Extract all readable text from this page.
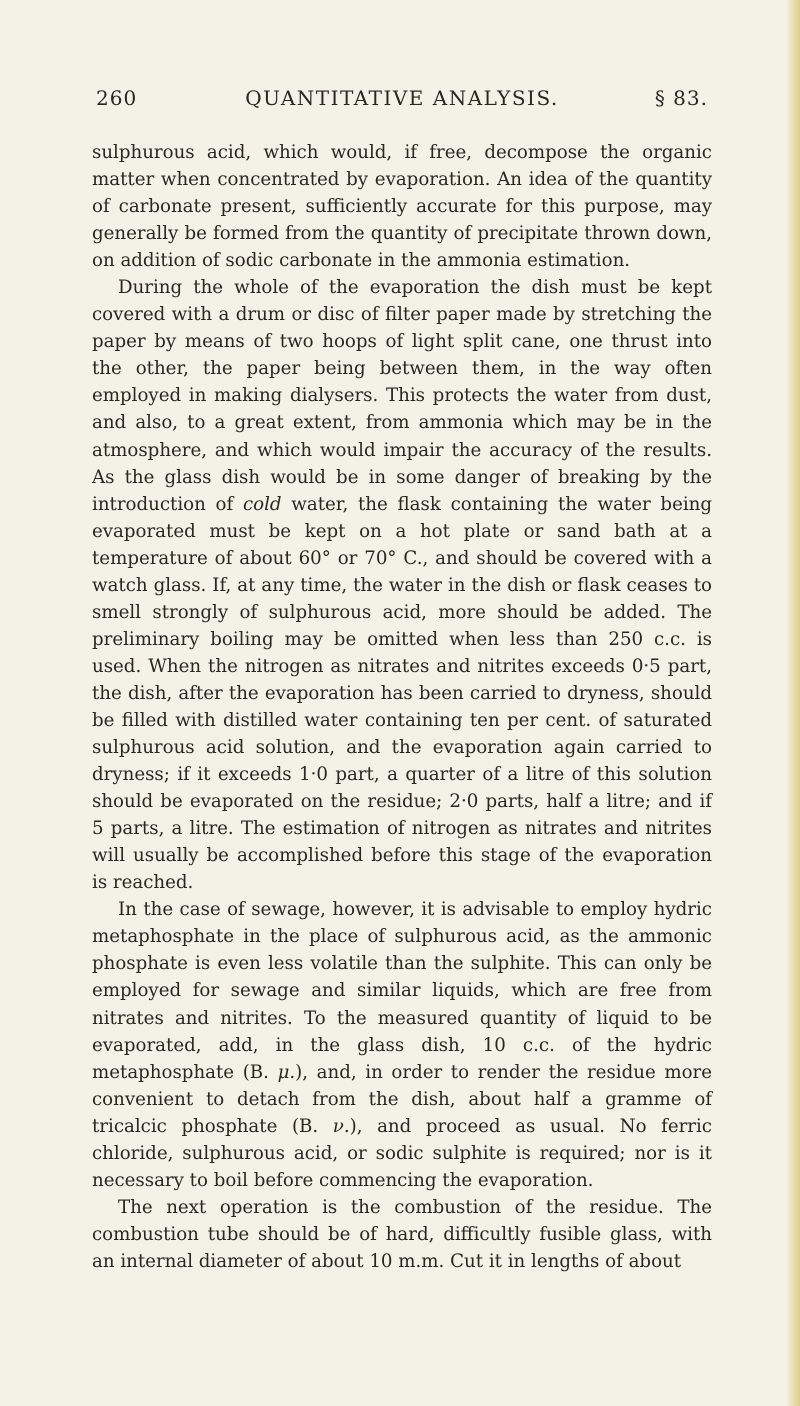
260	QUANTITATIVE ANALYSIS.	§ 83.

sulphurous acid, which would, if free, decompose the organic matter when concentrated by evaporation. An idea of the quantity of carbonate present, sufficiently accurate for this purpose, may generally be formed from the quantity of precipitate thrown down, on addition of sodic carbonate in the ammonia estimation.

During the whole of the evaporation the dish must be kept covered with a drum or disc of filter paper made by stretching the paper by means of two hoops of light split cane, one thrust into the other, the paper being between them, in the way often employed in making dialysers. This protects the water from dust, and also, to a great extent, from ammonia which may be in the atmosphere, and which would impair the accuracy of the results. As the glass dish would be in some danger of breaking by the introduction of cold water, the flask containing the water being evaporated must be kept on a hot plate or sand bath at a temperature of about 60° or 70° C., and should be covered with a watch glass. If, at any time, the water in the dish or flask ceases to smell strongly of sulphurous acid, more should be added. The preliminary boiling may be omitted when less than 250 c.c. is used. When the nitrogen as nitrates and nitrites exceeds 0·5 part, the dish, after the evaporation has been carried to dryness, should be filled with distilled water containing ten per cent. of saturated sulphurous acid solution, and the evaporation again carried to dryness; if it exceeds 1·0 part, a quarter of a litre of this solution should be evaporated on the residue; 2·0 parts, half a litre; and if 5 parts, a litre. The estimation of nitrogen as nitrates and nitrites will usually be accomplished before this stage of the evaporation is reached.

In the case of sewage, however, it is advisable to employ hydric metaphosphate in the place of sulphurous acid, as the ammonic phosphate is even less volatile than the sulphite. This can only be employed for sewage and similar liquids, which are free from nitrates and nitrites. To the measured quantity of liquid to be evaporated, add, in the glass dish, 10 c.c. of the hydric metaphosphate (B. μ.), and, in order to render the residue more convenient to detach from the dish, about half a gramme of tricalcic phosphate (B. ν.), and proceed as usual. No ferric chloride, sulphurous acid, or sodic sulphite is required; nor is it necessary to boil before commencing the evaporation.

The next operation is the combustion of the residue. The combustion tube should be of hard, difficultly fusible glass, with an internal diameter of about 10 m.m. Cut it in lengths of about
